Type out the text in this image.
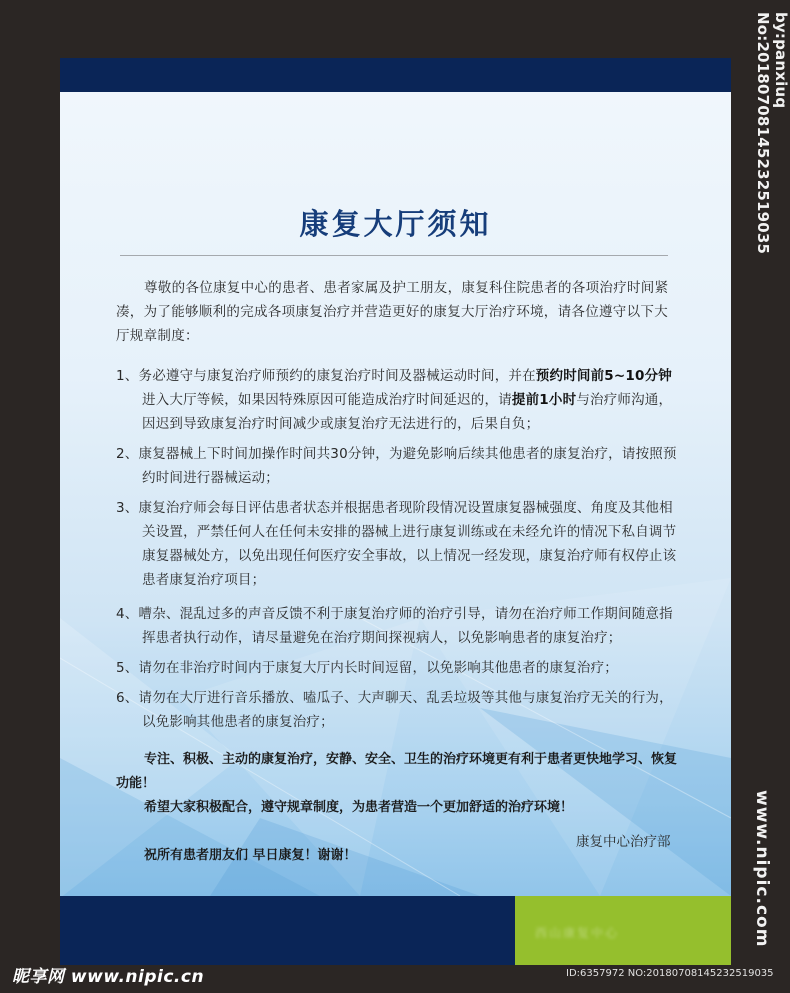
康复大厅须知
尊敬的各位康复中心的患者、患者家属及护工朋友，康复科住院患者的各项治疗时间紧凑，为了能够顺利的完成各项康复治疗并营造更好的康复大厅治疗环境，请各位遵守以下大厅规章制度：
1、务必遵守与康复治疗师预约的康复治疗时间及器械运动时间，并在预约时间前5~10分钟进入大厅等候，如果因特殊原因可能造成治疗时间延迟的，请提前1小时与治疗师沟通，因迟到导致康复治疗时间减少或康复治疗无法进行的，后果自负；
2、康复器械上下时间加操作时间共30分钟，为避免影响后续其他患者的康复治疗，请按照预约时间进行器械运动；
3、康复治疗师会每日评估患者状态并根据患者现阶段情况设置康复器械强度、角度及其他相关设置，严禁任何人在任何未安排的器械上进行康复训练或在未经允许的情况下私自调节康复器械处方，以免出现任何医疗安全事故，以上情况一经发现，康复治疗师有权停止该患者康复治疗项目；
4、嘈杂、混乱过多的声音反馈不利于康复治疗师的治疗引导，请勿在治疗师工作期间随意指挥患者执行动作，请尽量避免在治疗期间探视病人，以免影响患者的康复治疗；
5、请勿在非治疗时间内于康复大厅内长时间逗留，以免影响其他患者的康复治疗；
6、请勿在大厅进行音乐播放、嗑瓜子、大声聊天、乱丢垃圾等其他与康复治疗无关的行为，以免影响其他患者的康复治疗；
专注、积极、主动的康复治疗，安静、安全、卫生的治疗环境更有利于患者更快地学习、恢复功能！
希望大家积极配合，遵守规章制度，为患者营造一个更加舒适的治疗环境！
祝所有患者朋友们 早日康复！谢谢！
康复中心治疗部
西山康复中心
by:panxiuq No:20180708145232519035
www.nipic.com
昵享网 www.nipic.cn	ID:6357972 NO:20180708145232519035
